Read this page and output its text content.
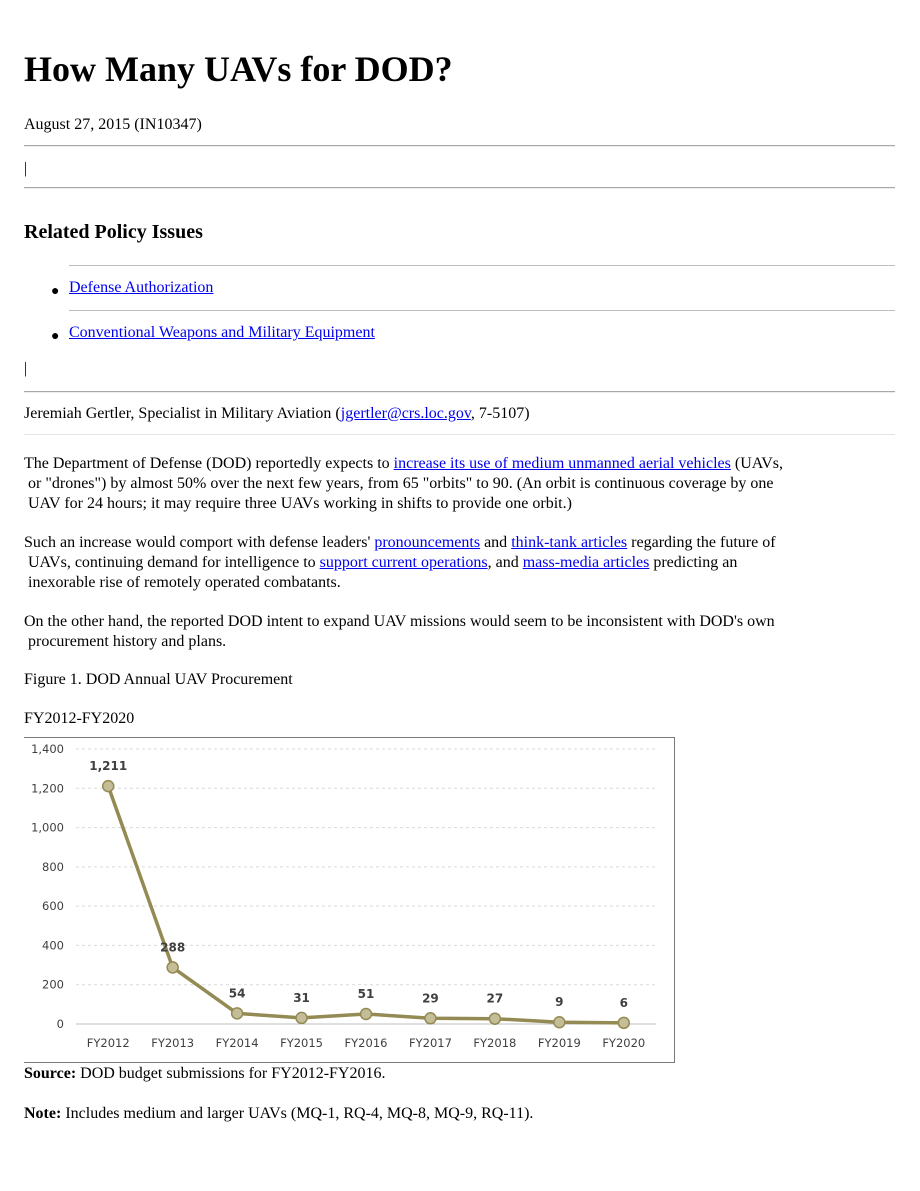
How Many UAVs for DOD?
August 27, 2015 (IN10347)
|
Related Policy Issues
● Defense Authorization
● Conventional Weapons and Military Equipment
|
Jeremiah Gertler, Specialist in Military Aviation (jgertler@crs.loc.gov, 7-5107)
The Department of Defense (DOD) reportedly expects to increase its use of medium unmanned aerial vehicles (UAVs,
or "drones") by almost 50% over the next few years, from 65 "orbits" to 90. (An orbit is continuous coverage by one
UAV for 24 hours; it may require three UAVs working in shifts to provide one orbit.)
Such an increase would comport with defense leaders' pronouncements and think-tank articles regarding the future of
UAVs, continuing demand for intelligence to support current operations, and mass-media articles predicting an
inexorable rise of remotely operated combatants.
On the other hand, the reported DOD intent to expand UAV missions would seem to be inconsistent with DOD's own
procurement history and plans.
Figure 1. DOD Annual UAV Procurement
FY2012-FY2020
0
200
400
600
800
1,000
1,200
1,400
FY2012 FY2013 FY2014 FY2015 FY2016 FY2017 FY2018 FY2019 FY2020
1,211
288
54	31	51	29	27	9	6
Source: DOD budget submissions for FY2012-FY2016.
Note: Includes medium and larger UAVs (MQ-1, RQ-4, MQ-8, MQ-9, RQ-11).
